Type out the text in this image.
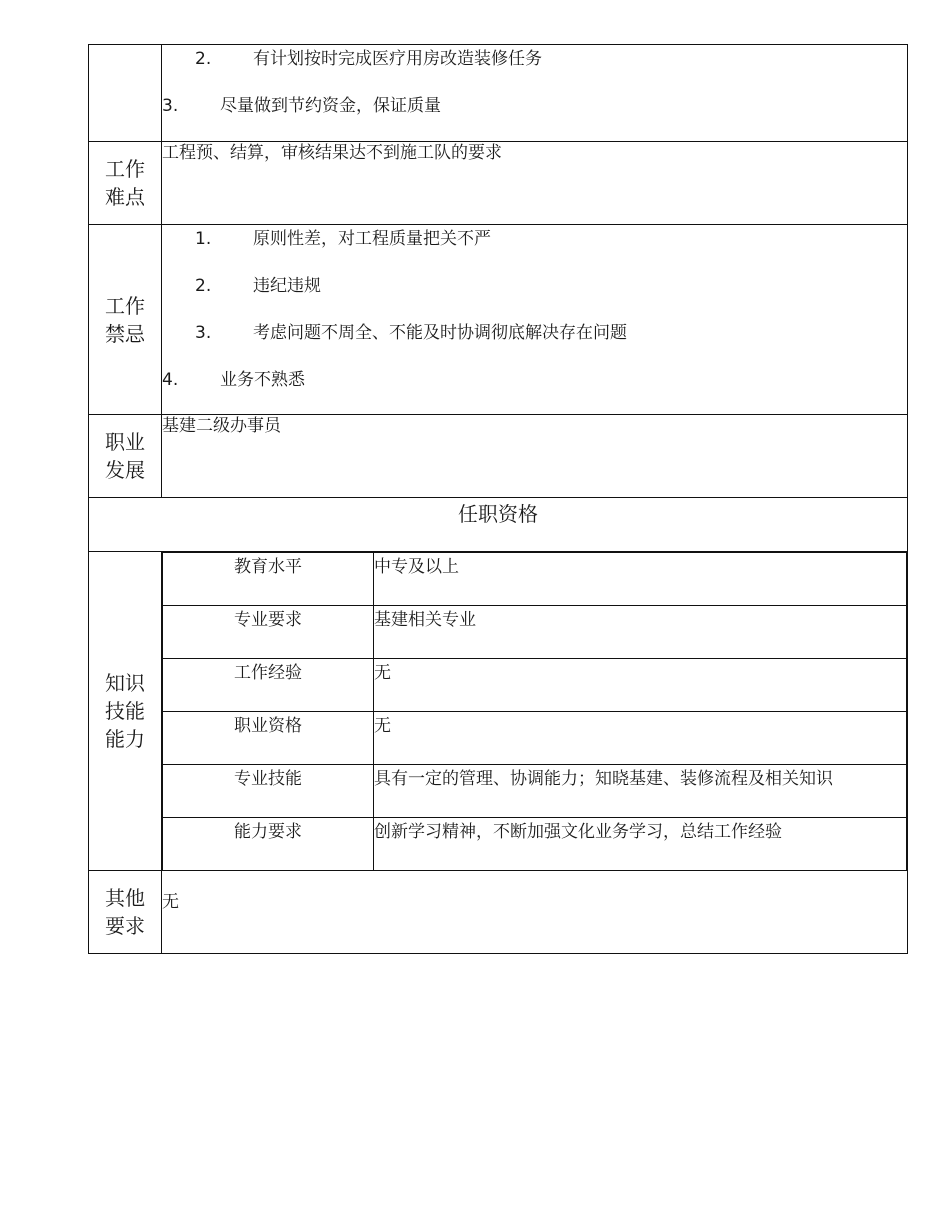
2.	有计划按时完成医疗用房改造装修任务
3.	尽量做到节约资金，保证质量

工作
难点
	工程预、结算，审核结果达不到施工队的要求

工作
禁忌

1.	原则性差，对工程质量把关不严
2.	违纪违规
3.	考虑问题不周全、不能及时协调彻底解决存在问题
4.	业务不熟悉

职业
发展
	基建二级办事员
任职资格

知识
技能
能力

教育水平	中专及以上
专业要求	基建相关专业
工作经验	无
职业资格	无
专业技能	具有一定的管理、协调能力；知晓基建、装修流程及相关知识
能力要求	创新学习精神，不断加强文化业务学习，总结工作经验

其他
要求
	无
